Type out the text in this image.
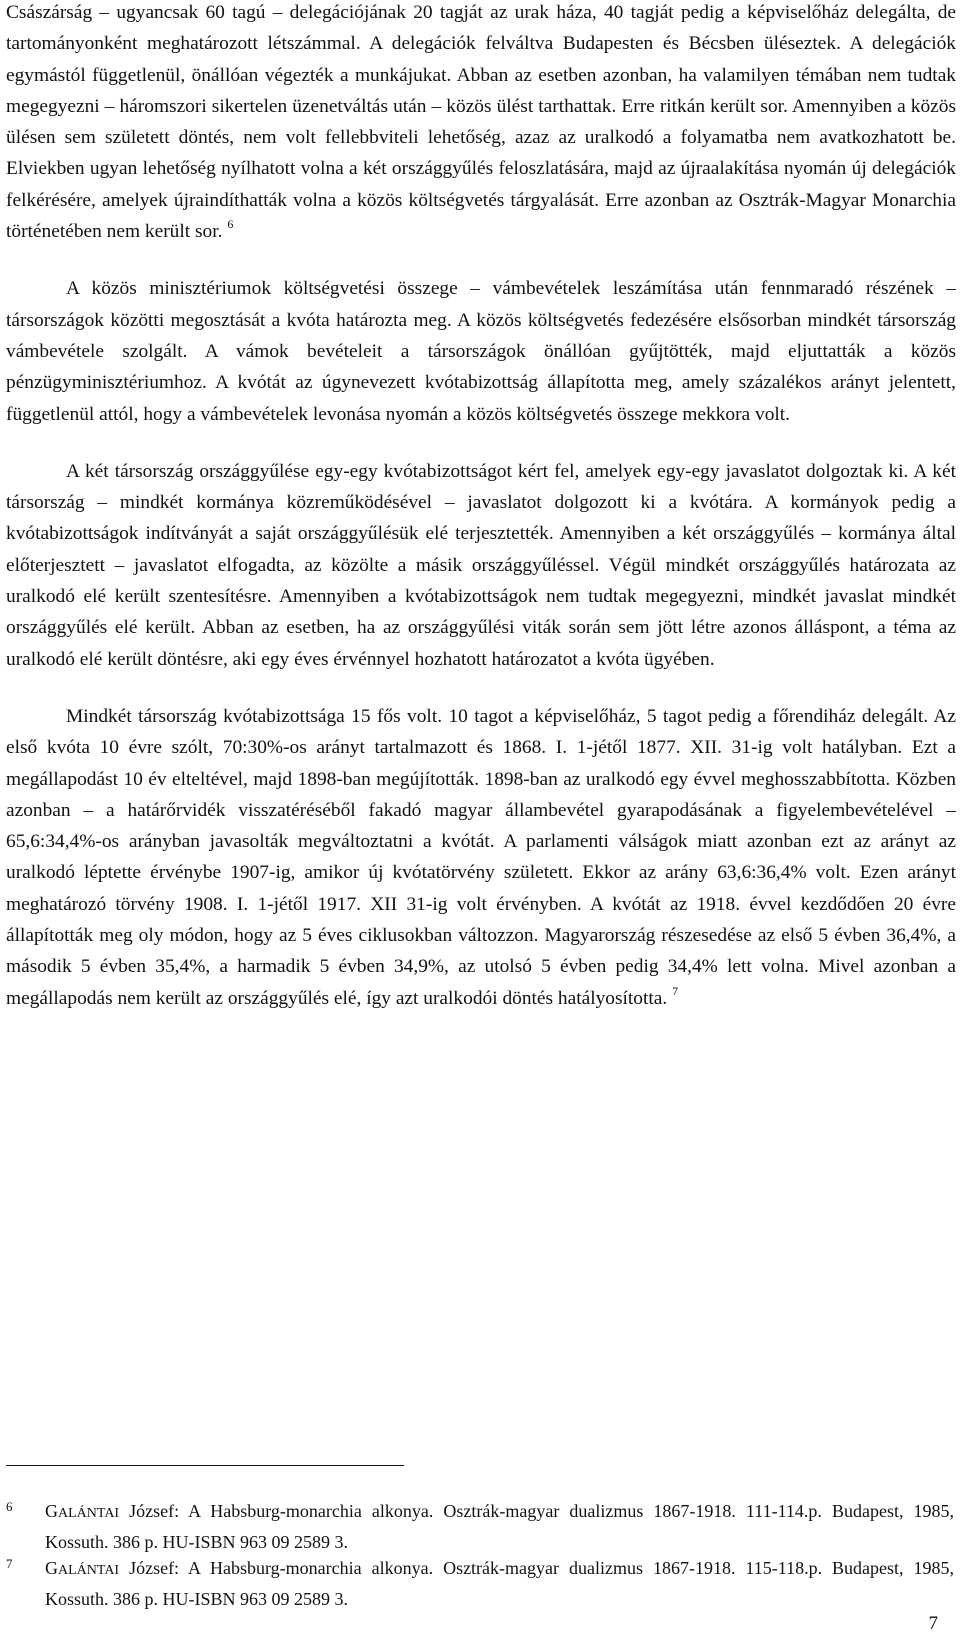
Császárság – ugyancsak 60 tagú – delegációjának 20 tagját az urak háza, 40 tagját pedig a képviselőház delegálta, de tartományonként meghatározott létszámmal. A delegációk felváltva Budapesten és Bécsben üléseztek. A delegációk egymástól függetlenül, önállóan végezték a munkájukat. Abban az esetben azonban, ha valamilyen témában nem tudtak megegyezni – háromszori sikertelen üzenetváltás után – közös ülést tarthattak. Erre ritkán került sor. Amennyiben a közös ülésen sem született döntés, nem volt fellebbviteli lehetőség, azaz az uralkodó a folyamatba nem avatkozhatott be. Elviekben ugyan lehetőség nyílhatott volna a két országgyűlés feloszlatására, majd az újraalakítása nyomán új delegációk felkérésére, amelyek újraindíthatták volna a közös költségvetés tárgyalását. Erre azonban az Osztrák-Magyar Monarchia történetében nem került sor. $^6$

A közös minisztériumok költségvetési összege – vámbevételek leszámítása után fennmaradó részének – társországok közötti megosztását a kvóta határozta meg. A közös költségvetés fedezésére elsősorban mindkét társország vámbevétele szolgált. A vámok bevételeit a társországok önállóan gyűjtötték, majd eljuttatták a közös pénzügyminisztériumhoz. A kvótát az úgynevezett kvótabizottság állapította meg, amely százalékos arányt jelentett, függetlenül attól, hogy a vámbevételek levonása nyomán a közös költségvetés összege mekkora volt.

A két társország országgyűlése egy-egy kvótabizottságot kért fel, amelyek egy-egy javaslatot dolgoztak ki. A két társország – mindkét kormánya közreműködésével – javaslatot dolgozott ki a kvótára. A kormányok pedig a kvótabizottságok indítványát a saját országgyűlésük elé terjesztették. Amennyiben a két országgyűlés – kormánya által előterjesztett – javaslatot elfogadta, az közölte a másik országgyűléssel. Végül mindkét országgyűlés határozata az uralkodó elé került szentesítésre. Amennyiben a kvótabizottságok nem tudtak megegyezni, mindkét javaslat mindkét országgyűlés elé került. Abban az esetben, ha az országgyűlési viták során sem jött létre azonos álláspont, a téma az uralkodó elé került döntésre, aki egy éves érvénnyel hozhatott határozatot a kvóta ügyében.

Mindkét társország kvótabizottsága 15 fős volt. 10 tagot a képviselőház, 5 tagot pedig a főrendiház delegált. Az első kvóta 10 évre szólt, 70:30%-os arányt tartalmazott és 1868. I. 1-jétől 1877. XII. 31-ig volt hatályban. Ezt a megállapodást 10 év elteltével, majd 1898-ban megújították. 1898-ban az uralkodó egy évvel meghosszabbította. Közben azonban – a határőrvidék visszatéréséből fakadó magyar állambevétel gyarapodásának a figyelembevételével – 65,6:34,4%-os arányban javasolták megváltoztatni a kvótát. A parlamenti válságok miatt azonban ezt az arányt az uralkodó léptette érvénybe 1907-ig, amikor új kvótatörvény született. Ekkor az arány 63,6:36,4% volt. Ezen arányt meghatározó törvény 1908. I. 1-jétől 1917. XII 31-ig volt érvényben. A kvótát az 1918. évvel kezdődően 20 évre állapították meg oly módon, hogy az 5 éves ciklusokban változzon. Magyarország részesedése az első 5 évben 36,4%, a második 5 évben 35,4%, a harmadik 5 évben 34,9%, az utolsó 5 évben pedig 34,4% lett volna. Mivel azonban a megállapodás nem került az országgyűlés elé, így azt uralkodói döntés hatályosította. $^7$

6 GALÁNTAI József: A Habsburg-monarchia alkonya. Osztrák-magyar dualizmus 1867-1918. 111-114.p. Budapest, 1985, Kossuth. 386 p. HU-ISBN 963 09 2589 3.
7 GALÁNTAI József: A Habsburg-monarchia alkonya. Osztrák-magyar dualizmus 1867-1918. 115-118.p. Budapest, 1985, Kossuth. 386 p. HU-ISBN 963 09 2589 3.
7
